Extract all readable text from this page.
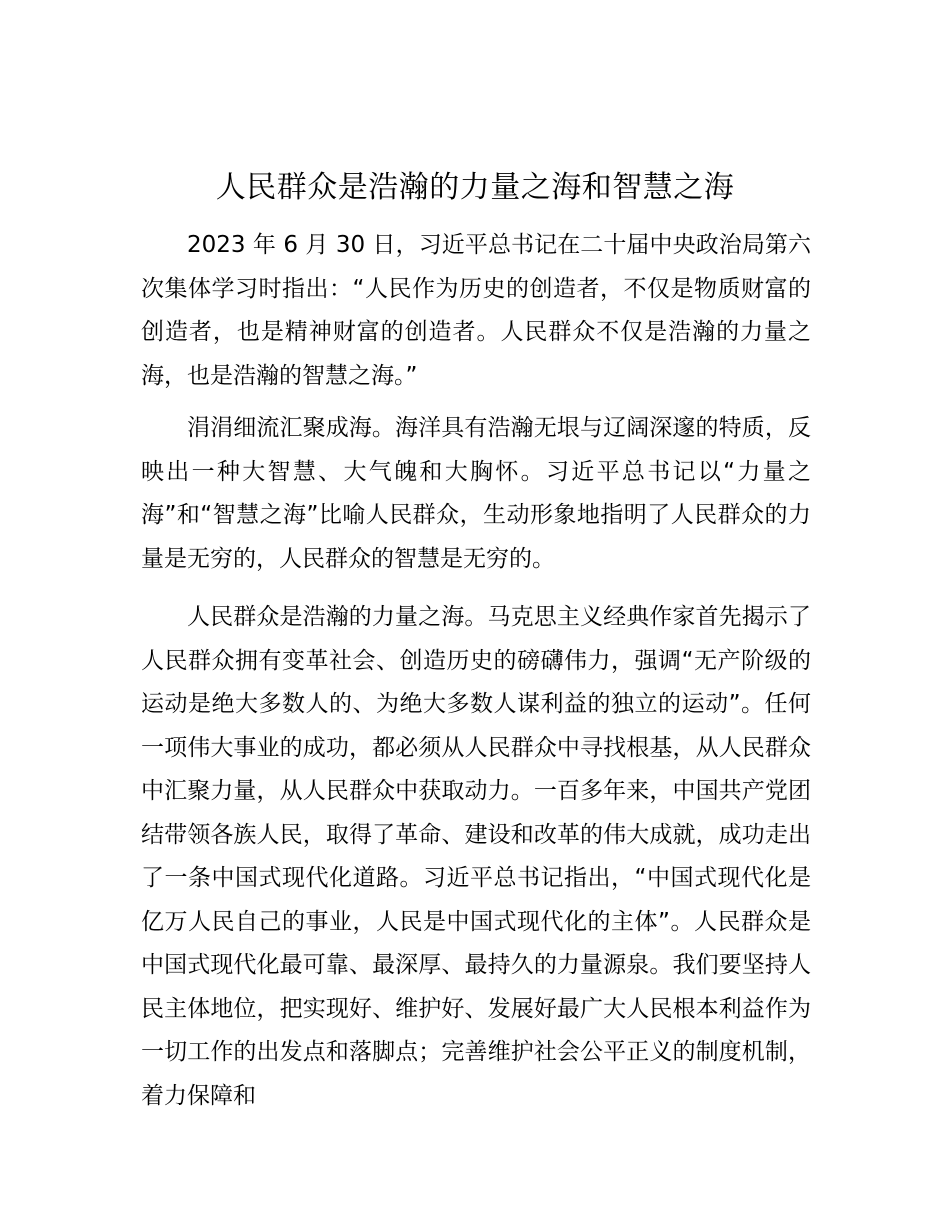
人民群众是浩瀚的力量之海和智慧之海

2023 年 6 月 30 日，习近平总书记在二十届中央政治局第六次集体学习时指出：“人民作为历史的创造者，不仅是物质财富的创造者，也是精神财富的创造者。人民群众不仅是浩瀚的力量之海，也是浩瀚的智慧之海。”

涓涓细流汇聚成海。海洋具有浩瀚无垠与辽阔深邃的特质，反映出一种大智慧、大气魄和大胸怀。习近平总书记以“力量之海”和“智慧之海”比喻人民群众，生动形象地指明了人民群众的力量是无穷的，人民群众的智慧是无穷的。

人民群众是浩瀚的力量之海。马克思主义经典作家首先揭示了人民群众拥有变革社会、创造历史的磅礴伟力，强调“无产阶级的运动是绝大多数人的、为绝大多数人谋利益的独立的运动”。任何一项伟大事业的成功，都必须从人民群众中寻找根基，从人民群众中汇聚力量，从人民群众中获取动力。一百多年来，中国共产党团结带领各族人民，取得了革命、建设和改革的伟大成就，成功走出了一条中国式现代化道路。习近平总书记指出，“中国式现代化是亿万人民自己的事业，人民是中国式现代化的主体”。人民群众是中国式现代化最可靠、最深厚、最持久的力量源泉。我们要坚持人民主体地位，把实现好、维护好、发展好最广大人民根本利益作为一切工作的出发点和落脚点；完善维护社会公平正义的制度机制，着力保障和
